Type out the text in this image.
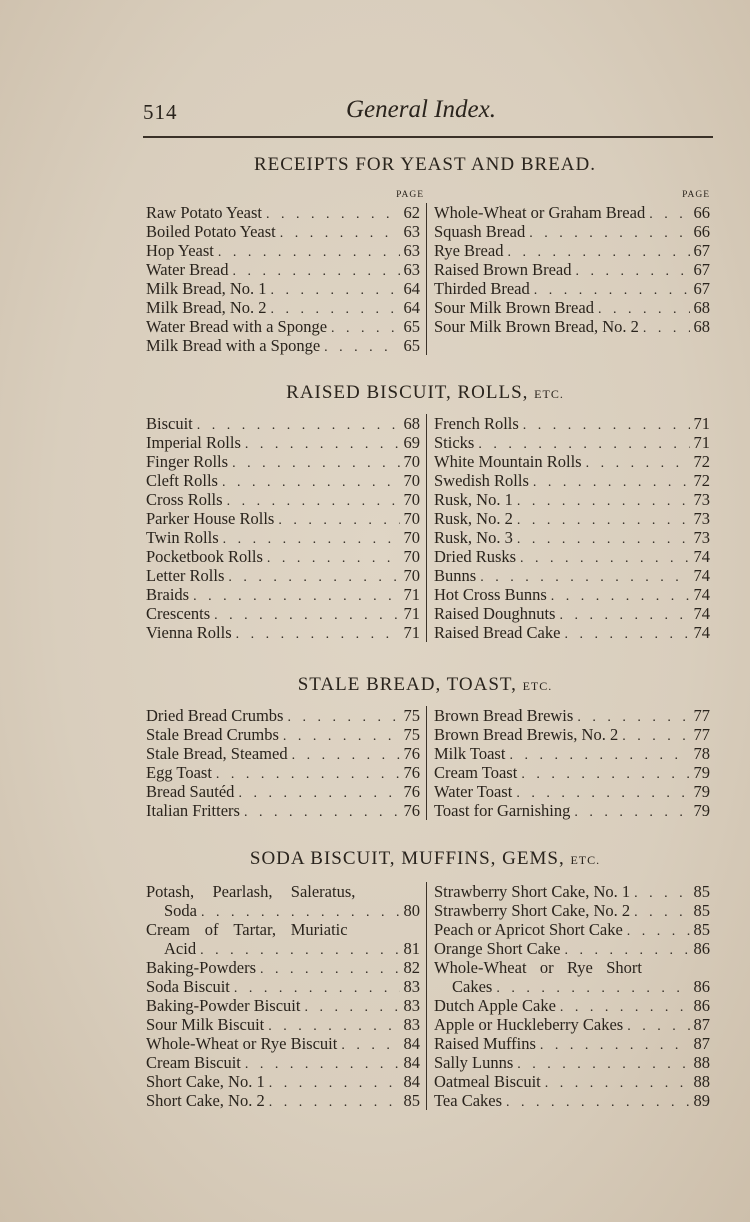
514	General Index.
RECEIPTS FOR YEAST AND BREAD.
PAGE	PAGE
Raw Potato Yeast . . .	62
Boiled Potato Yeast . . .	63
Hop Yeast . . .	63
Water Bread . . .	63
Milk Bread, No. 1 . . .	64
Milk Bread, No. 2 . . .	64
Water Bread with a Sponge . . .	65
Milk Bread with a Sponge . . .	65
Whole-Wheat or Graham Bread . . .	66
Squash Bread . . .	66
Rye Bread . . .	67
Raised Brown Bread . . .	67
Thirded Bread . . .	67
Sour Milk Brown Bread . . .	68
Sour Milk Brown Bread, No. 2 . . .	68
RAISED BISCUIT, ROLLS, ETC.
Biscuit . . .	68
Imperial Rolls . . .	69
Finger Rolls . . .	70
Cleft Rolls . . .	70
Cross Rolls . . .	70
Parker House Rolls . . .	70
Twin Rolls . . .	70
Pocketbook Rolls . . .	70
Letter Rolls . . .	70
Braids . . .	71
Crescents . . .	71
Vienna Rolls . . .	71
French Rolls . . .	71
Sticks . . .	71
White Mountain Rolls . . .	72
Swedish Rolls . . .	72
Rusk, No. 1 . . .	73
Rusk, No. 2 . . .	73
Rusk, No. 3 . . .	73
Dried Rusks . . .	74
Bunns . . .	74
Hot Cross Bunns . . .	74
Raised Doughnuts . . .	74
Raised Bread Cake . . .	74
STALE BREAD, TOAST, ETC.
Dried Bread Crumbs . . .	75
Stale Bread Crumbs . . .	75
Stale Bread, Steamed . . .	76
Egg Toast . . .	76
Bread Sautéd . . .	76
Italian Fritters . . .	76
Brown Bread Brewis . . .	77
Brown Bread Brewis, No. 2 . . .	77
Milk Toast . . .	78
Cream Toast . . .	79
Water Toast . . .	79
Toast for Garnishing . . .	79
SODA BISCUIT, MUFFINS, GEMS, ETC.
Potash, Pearlash, Saleratus,
Soda . . .	80
Cream of Tartar, Muriatic
Acid . . .	81
Baking-Powders . . .	82
Soda Biscuit . . .	83
Baking-Powder Biscuit . . .	83
Sour Milk Biscuit . . .	83
Whole-Wheat or Rye Biscuit . . .	84
Cream Biscuit . . .	84
Short Cake, No. 1 . . .	84
Short Cake, No. 2 . . .	85
Strawberry Short Cake, No. 1 . . .	85
Strawberry Short Cake, No. 2 . . .	85
Peach or Apricot Short Cake . . .	85
Orange Short Cake . . .	86
Whole-Wheat or Rye Short
Cakes . . .	86
Dutch Apple Cake . . .	86
Apple or Huckleberry Cakes . . .	87
Raised Muffins . . .	87
Sally Lunns . . .	88
Oatmeal Biscuit . . .	88
Tea Cakes . . .	89
